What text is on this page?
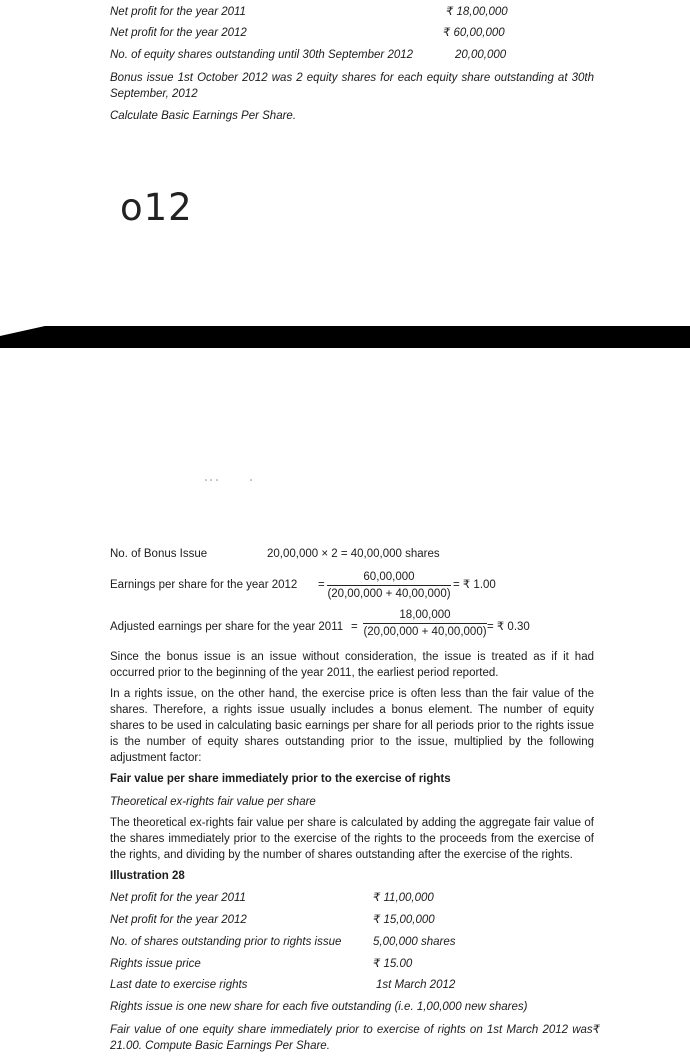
Net profit for the year 2011	₹ 18,00,000
Net profit for the year 2012	₹ 60,00,000
No. of equity shares outstanding until 30th September 2012	20,00,000
Bonus issue 1st October 2012 was 2 equity shares for each equity share outstanding at 30th September, 2012
Calculate Basic Earnings Per Share.
o12
No. of Bonus Issue	20,00,000 × 2 = 40,00,000 shares
Earnings per share for the year $2012 = \frac{60,00,000}{(20,00,000 + 40,00,000)}$ = ₹ 1.00
Adjusted earnings per share for the year $2011 = \frac{18,00,000}{(20,00,000 + 40,00,000)}$ = ₹ 0.30
Since the bonus issue is an issue without consideration, the issue is treated as if it had occurred prior to the beginning of the year 2011, the earliest period reported.
In a rights issue, on the other hand, the exercise price is often less than the fair value of the shares. Therefore, a rights issue usually includes a bonus element. The number of equity shares to be used in calculating basic earnings per share for all periods prior to the rights issue is the number of equity shares outstanding prior to the issue, multiplied by the following adjustment factor:
Fair value per share immediately prior to the exercise of rights
Theoretical ex-rights fair value per share
The theoretical ex-rights fair value per share is calculated by adding the aggregate fair value of the shares immediately prior to the exercise of the rights to the proceeds from the exercise of the rights, and dividing by the number of shares outstanding after the exercise of the rights.
Illustration 28
Net profit for the year 2011	₹ 11,00,000
Net profit for the year 2012	₹ 15,00,000
No. of shares outstanding prior to rights issue	5,00,000 shares
Rights issue price	₹ 15.00
Last date to exercise rights	1st March 2012
Rights issue is one new share for each five outstanding (i.e. 1,00,000 new shares)
Fair value of one equity share immediately prior to exercise of rights on 1st March 2012 was₹ 21.00. Compute Basic Earnings Per Share.
